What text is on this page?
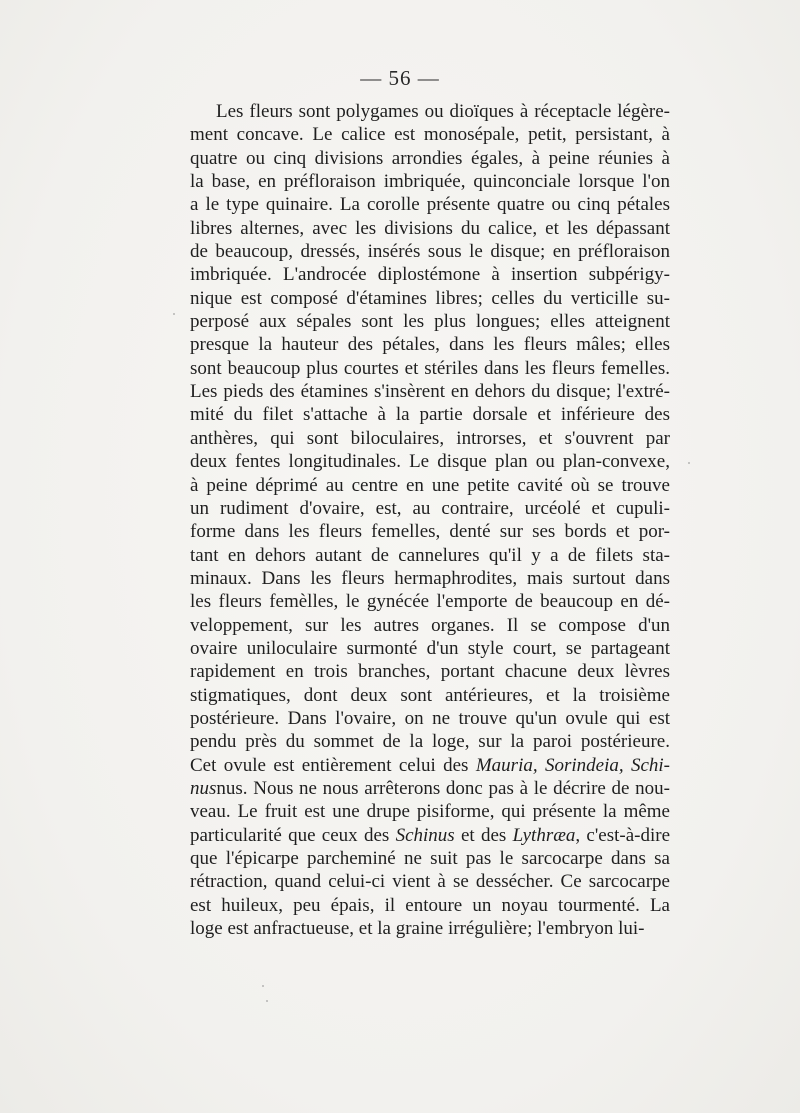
— 56 —
Les fleurs sont polygames ou dioïques à réceptacle légère-
ment concave. Le calice est monosépale, petit, persistant, à
quatre ou cinq divisions arrondies égales, à peine réunies à
la base, en préfloraison imbriquée, quinconciale lorsque l'on
a le type quinaire. La corolle présente quatre ou cinq pétales
libres alternes, avec les divisions du calice, et les dépassant
de beaucoup, dressés, insérés sous le disque; en préfloraison
imbriquée. L'androcée diplostémone à insertion subpérigy-
nique est composé d'étamines libres; celles du verticille su-
perposé aux sépales sont les plus longues; elles atteignent
presque la hauteur des pétales, dans les fleurs mâles; elles
sont beaucoup plus courtes et stériles dans les fleurs femelles.
Les pieds des étamines s'insèrent en dehors du disque; l'extré-
mité du filet s'attache à la partie dorsale et inférieure des
anthères, qui sont biloculaires, introrses, et s'ouvrent par
deux fentes longitudinales. Le disque plan ou plan-convexe,
à peine déprimé au centre en une petite cavité où se trouve
un rudiment d'ovaire, est, au contraire, urcéolé et cupuli-
forme dans les fleurs femelles, denté sur ses bords et por-
tant en dehors autant de cannelures qu'il y a de filets sta-
minaux. Dans les fleurs hermaphrodites, mais surtout dans
les fleurs femèlles, le gynécée l'emporte de beaucoup en dé-
veloppement, sur les autres organes. Il se compose d'un
ovaire uniloculaire surmonté d'un style court, se partageant
rapidement en trois branches, portant chacune deux lèvres
stigmatiques, dont deux sont antérieures, et la troisième
postérieure. Dans l'ovaire, on ne trouve qu'un ovule qui est
pendu près du sommet de la loge, sur la paroi postérieure.
Cet ovule est entièrement celui des Mauria, Sorindeia, Schi-
nusnus. Nous ne nous arrêterons donc pas à le décrire de nou-
veau. Le fruit est une drupe pisiforme, qui présente la même
particularité que ceux des Schinus et des Lythræa, c'est-à-dire
que l'épicarpe parcheminé ne suit pas le sarcocarpe dans sa
rétraction, quand celui-ci vient à se dessécher. Ce sarcocarpe
est huileux, peu épais, il entoure un noyau tourmenté. La
loge est anfractueuse, et la graine irrégulière; l'embryon lui-
